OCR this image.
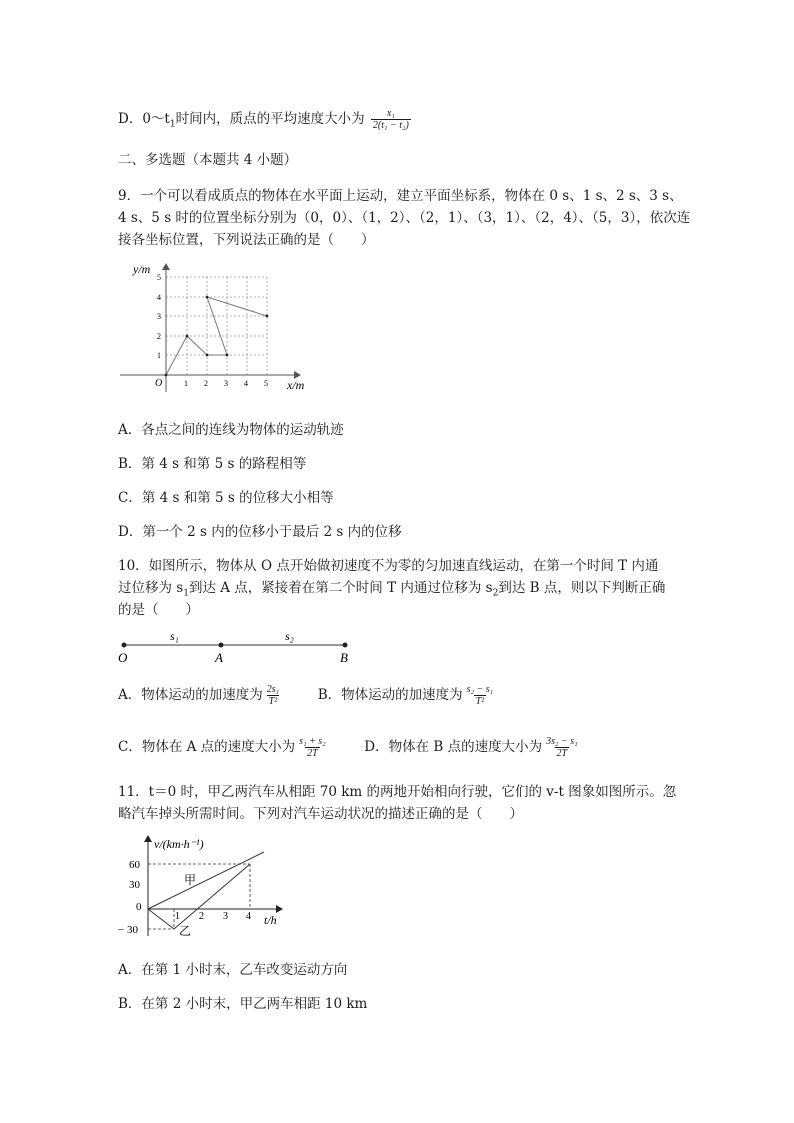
D．$0\sim t_1$时间内，质点的平均速度大小为 $\frac{\text{x₁}}{\text{2(t₁ − t₂)}}$
二、多选题（本题共 4 小题）
9．一个可以看成质点的物体在水平面上运动，建立平面坐标系，物体在 0 s、1 s、2 s、3 s、
4 s、5 s 时的位置坐标分别为（0，0）、（1，2）、（2，1）、（3，1）、（2，4）、（5，3），依次连
接各坐标位置，下列说法正确的是（　　）
y/m
x/m
O	1 2 3 4 5
1
2
3
4
5
A．各点之间的连线为物体的运动轨迹
B．第 4 s 和第 5 s 的路程相等
C．第 4 s 和第 5 s 的位移大小相等
D．第一个 2 s 内的位移小于最后 2 s 内的位移
10．如图所示，物体从 O 点开始做初速度不为零的匀加速直线运动，在第一个时间 T 内通
过位移为 $s_1$到达 A 点，紧接着在第二个时间 T 内通过位移为 $s_2$到达 B 点，则以下判断正确
的是（　　）
s₁	s₂
O	A	B
A．物体运动的加速度为 $\frac{\text{2s₁}}{\text{T²}}$	B．物体运动的加速度为 $\frac{\text{s₂ − s₁}}{\text{T²}}$
C．物体在 A 点的速度大小为 $\frac{\text{s₁ + s₂}}{2T}$	D．物体在 B 点的速度大小为 $\frac{\text{3s₂ − s₁}}{2T}$
11．t＝0 时，甲乙两汽车从相距 70 km 的两地开始相向行驶，它们的 v-t 图象如图所示。忽
略汽车掉头所需时间。下列对汽车运动状况的描述正确的是（　　）
v/(km·h⁻¹)
t/h
60
30
0
− 30
1 2 3 4
甲
乙
A．在第 1 小时末，乙车改变运动方向
B．在第 2 小时末，甲乙两车相距 10 km
